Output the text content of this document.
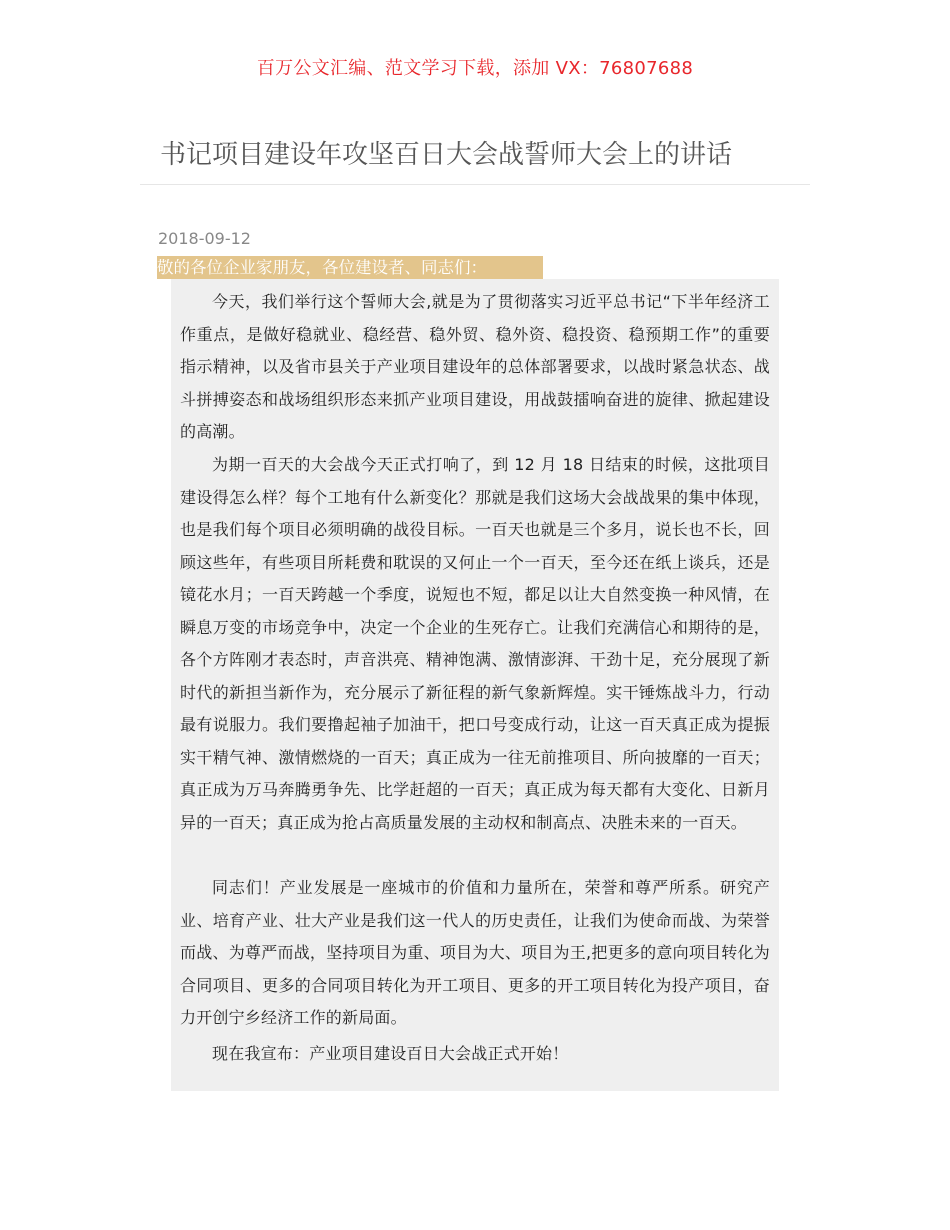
百万公文汇编、范文学习下载，添加 VX：76807688
书记项目建设年攻坚百日大会战誓师大会上的讲话
2018-09-12
敬的各位企业家朋友，各位建设者、同志们：

今天，我们举行这个誓师大会,就是为了贯彻落实习近平总书记“下半年经济工作重点，是做好稳就业、稳经营、稳外贸、稳外资、稳投资、稳预期工作”的重要指示精神，以及省市县关于产业项目建设年的总体部署要求，以战时紧急状态、战斗拼搏姿态和战场组织形态来抓产业项目建设，用战鼓擂响奋进的旋律、掀起建设的高潮。

为期一百天的大会战今天正式打响了，到 12 月 18 日结束的时候，这批项目建设得怎么样？每个工地有什么新变化？那就是我们这场大会战战果的集中体现，也是我们每个项目必须明确的战役目标。一百天也就是三个多月，说长也不长，回顾这些年，有些项目所耗费和耽误的又何止一个一百天，至今还在纸上谈兵，还是镜花水月；一百天跨越一个季度，说短也不短，都足以让大自然变换一种风情，在瞬息万变的市场竞争中，决定一个企业的生死存亡。让我们充满信心和期待的是，各个方阵刚才表态时，声音洪亮、精神饱满、激情澎湃、干劲十足，充分展现了新时代的新担当新作为，充分展示了新征程的新气象新辉煌。实干锤炼战斗力，行动最有说服力。我们要撸起袖子加油干，把口号变成行动，让这一百天真正成为提振实干精气神、激情燃烧的一百天；真正成为一往无前推项目、所向披靡的一百天；真正成为万马奔腾勇争先、比学赶超的一百天；真正成为每天都有大变化、日新月异的一百天；真正成为抢占高质量发展的主动权和制高点、决胜未来的一百天。

同志们！产业发展是一座城市的价值和力量所在，荣誉和尊严所系。研究产业、培育产业、壮大产业是我们这一代人的历史责任，让我们为使命而战、为荣誉而战、为尊严而战，坚持项目为重、项目为大、项目为王,把更多的意向项目转化为合同项目、更多的合同项目转化为开工项目、更多的开工项目转化为投产项目，奋力开创宁乡经济工作的新局面。

现在我宣布：产业项目建设百日大会战正式开始！
